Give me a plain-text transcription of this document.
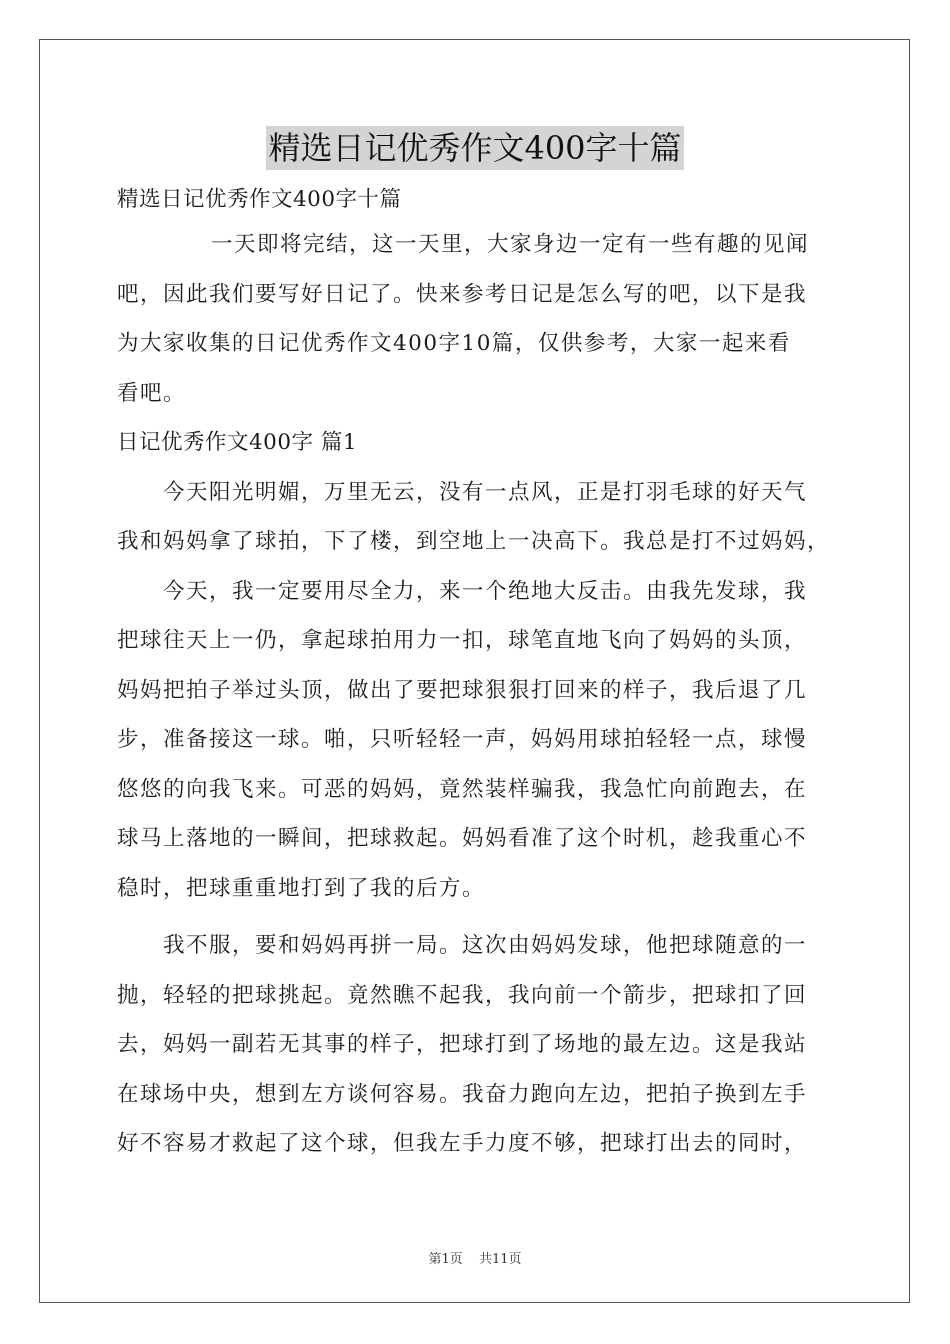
精选日记优秀作文400字十篇
精选日记优秀作文400字十篇
一天即将完结，这一天里，大家身边一定有一些有趣的见闻
吧，因此我们要写好日记了。快来参考日记是怎么写的吧，以下是我
为大家收集的日记优秀作文400字10篇，仅供参考，大家一起来看
看吧。
日记优秀作文400字 篇1
今天阳光明媚，万里无云，没有一点风，正是打羽毛球的好天气
我和妈妈拿了球拍，下了楼，到空地上一决高下。我总是打不过妈妈，
今天，我一定要用尽全力，来一个绝地大反击。由我先发球，我
把球往天上一仍，拿起球拍用力一扣，球笔直地飞向了妈妈的头顶，
妈妈把拍子举过头顶，做出了要把球狠狠打回来的样子，我后退了几
步，准备接这一球。啪，只听轻轻一声，妈妈用球拍轻轻一点，球慢
悠悠的向我飞来。可恶的妈妈，竟然装样骗我，我急忙向前跑去，在
球马上落地的一瞬间，把球救起。妈妈看准了这个时机，趁我重心不
稳时，把球重重地打到了我的后方。
我不服，要和妈妈再拼一局。这次由妈妈发球，他把球随意的一
抛，轻轻的把球挑起。竟然瞧不起我，我向前一个箭步，把球扣了回
去，妈妈一副若无其事的样子，把球打到了场地的最左边。这是我站
在球场中央，想到左方谈何容易。我奋力跑向左边，把拍子换到左手
好不容易才救起了这个球，但我左手力度不够，把球打出去的同时，
第1页 共11页
